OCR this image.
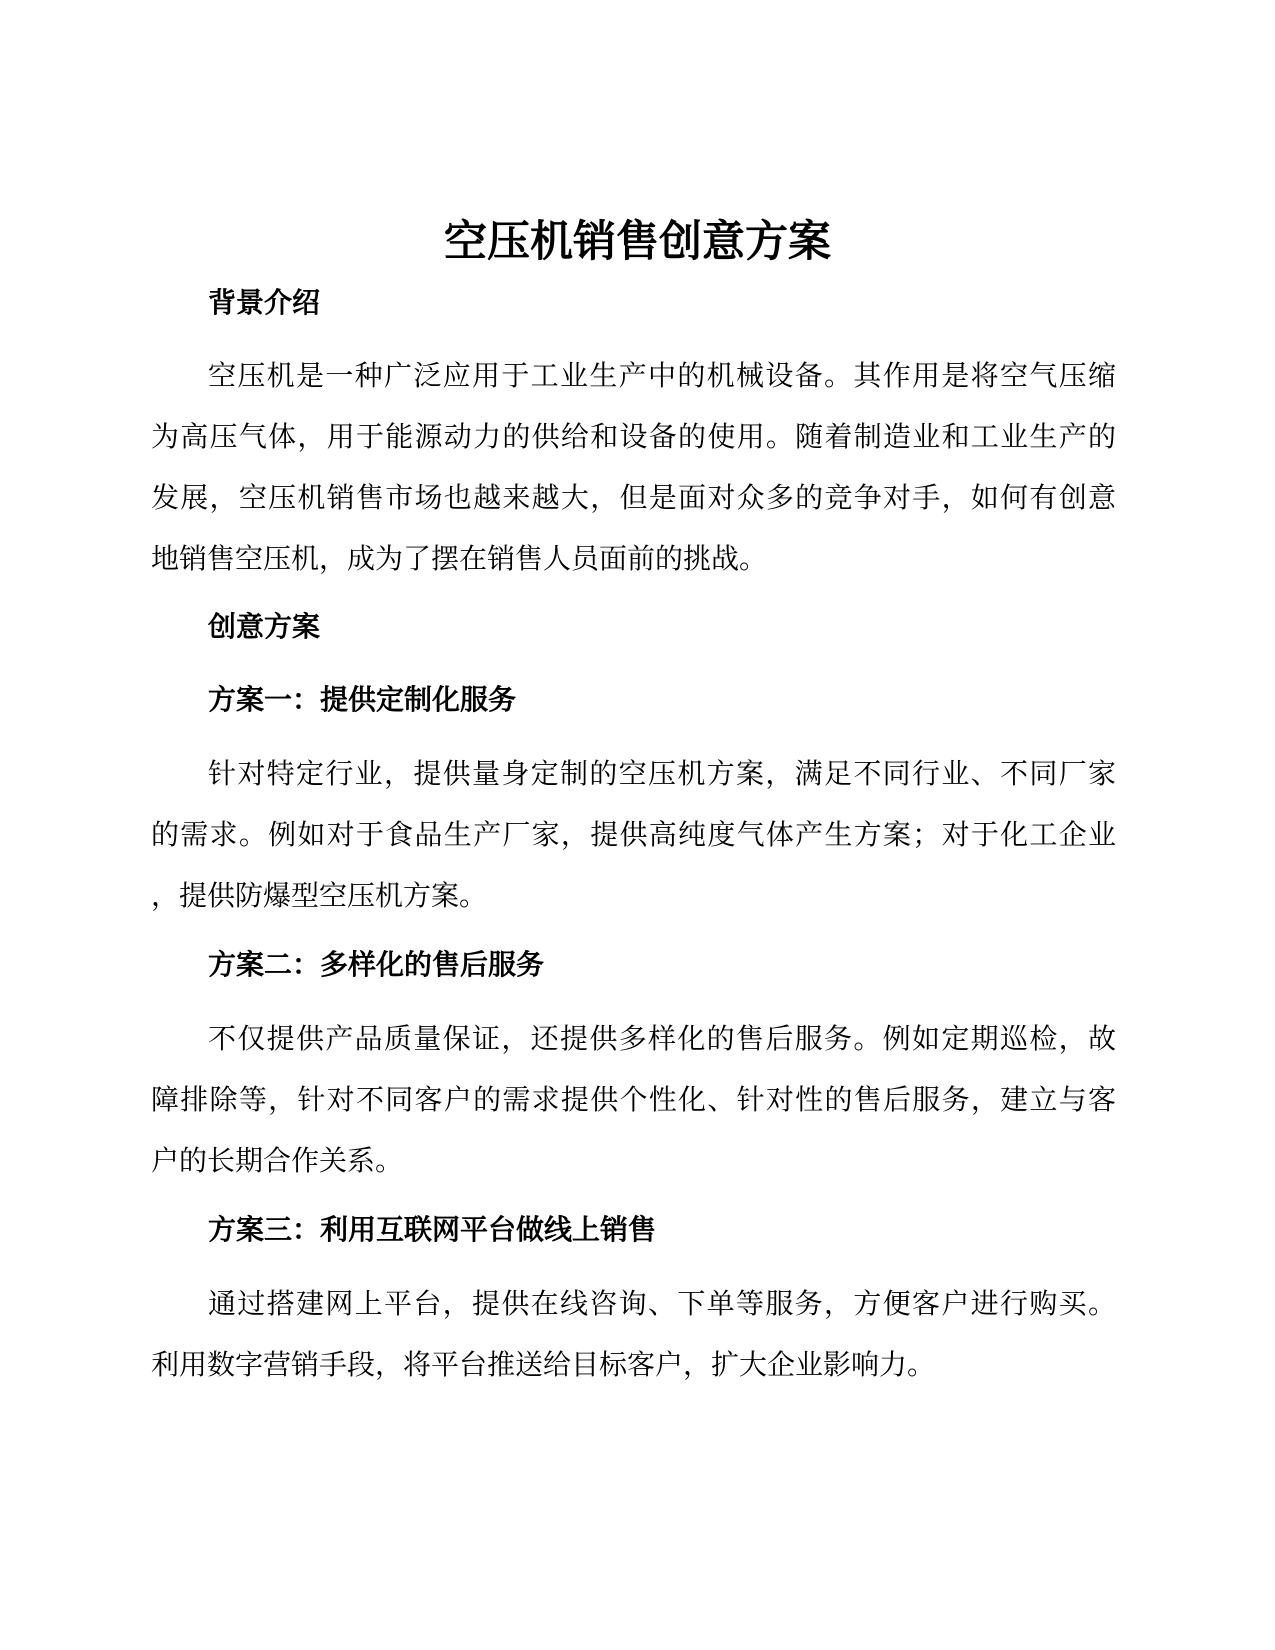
空压机销售创意方案
背景介绍
空压机是一种广泛应用于工业生产中的机械设备。其作用是将空气压缩
为高压气体，用于能源动力的供给和设备的使用。随着制造业和工业生产的
发展，空压机销售市场也越来越大，但是面对众多的竞争对手，如何有创意
地销售空压机，成为了摆在销售人员面前的挑战。
创意方案
方案一：提供定制化服务
针对特定行业，提供量身定制的空压机方案，满足不同行业、不同厂家
的需求。例如对于食品生产厂家，提供高纯度气体产生方案；对于化工企业
，提供防爆型空压机方案。
方案二：多样化的售后服务
不仅提供产品质量保证，还提供多样化的售后服务。例如定期巡检，故
障排除等，针对不同客户的需求提供个性化、针对性的售后服务，建立与客
户的长期合作关系。
方案三：利用互联网平台做线上销售
通过搭建网上平台，提供在线咨询、下单等服务，方便客户进行购买。
利用数字营销手段，将平台推送给目标客户，扩大企业影响力。
